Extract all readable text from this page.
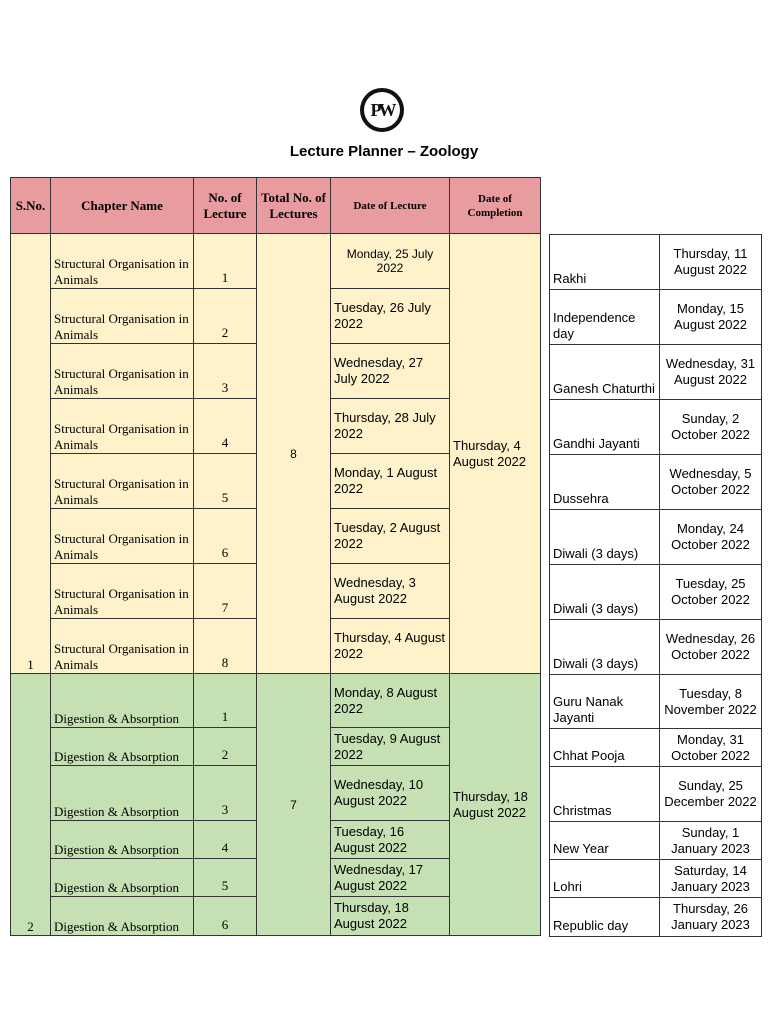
PW
Lecture Planner – Zoology
S.No.	Chapter Name	No. of Lecture	Total No. of Lectures	Date of Lecture	Date of Completion
1	Structural Organisation in Animals	1	8	Monday, 25 July 2022	Thursday, 4 August 2022
	Structural Organisation in Animals	2		Tuesday, 26 July 2022	
	Structural Organisation in Animals	3		Wednesday, 27 July 2022	
	Structural Organisation in Animals	4		Thursday, 28 July 2022	
	Structural Organisation in Animals	5		Monday, 1 August 2022	
	Structural Organisation in Animals	6		Tuesday, 2 August 2022	
	Structural Organisation in Animals	7		Wednesday, 3 August 2022	
	Structural Organisation in Animals	8		Thursday, 4 August 2022	
2	Digestion & Absorption	1	7	Monday, 8 August 2022	Thursday, 18 August 2022
	Digestion & Absorption	2		Tuesday, 9 August 2022	
	Digestion & Absorption	3		Wednesday, 10 August 2022	
	Digestion & Absorption	4		Tuesday, 16 August 2022	
	Digestion & Absorption	5		Wednesday, 17 August 2022	
	Digestion & Absorption	6		Thursday, 18 August 2022	
Rakhi	Thursday, 11 August 2022
Independence day	Monday, 15 August 2022
Ganesh Chaturthi	Wednesday, 31 August 2022
Gandhi Jayanti	Sunday, 2 October 2022
Dussehra	Wednesday, 5 October 2022
Diwali (3 days)	Monday, 24 October 2022
Diwali (3 days)	Tuesday, 25 October 2022
Diwali (3 days)	Wednesday, 26 October 2022
Guru Nanak Jayanti	Tuesday, 8 November 2022
Chhat Pooja	Monday, 31 October 2022
Christmas	Sunday, 25 December 2022
New Year	Sunday, 1 January 2023
Lohri	Saturday, 14 January 2023
Republic day	Thursday, 26 January 2023
